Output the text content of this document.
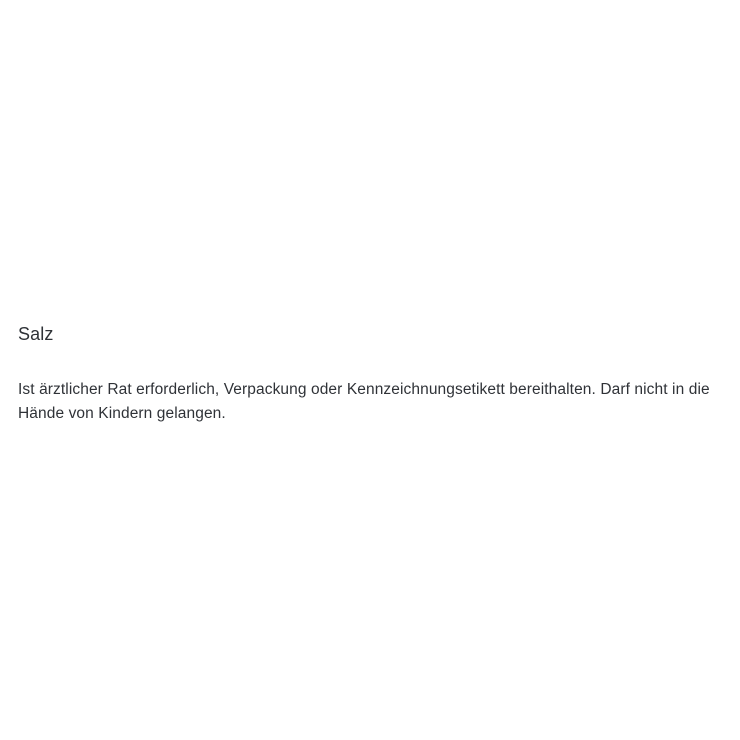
Salz

Ist ärztlicher Rat erforderlich, Verpackung oder Kennzeichnungsetikett bereithalten. Darf nicht in die Hände von Kindern gelangen.
